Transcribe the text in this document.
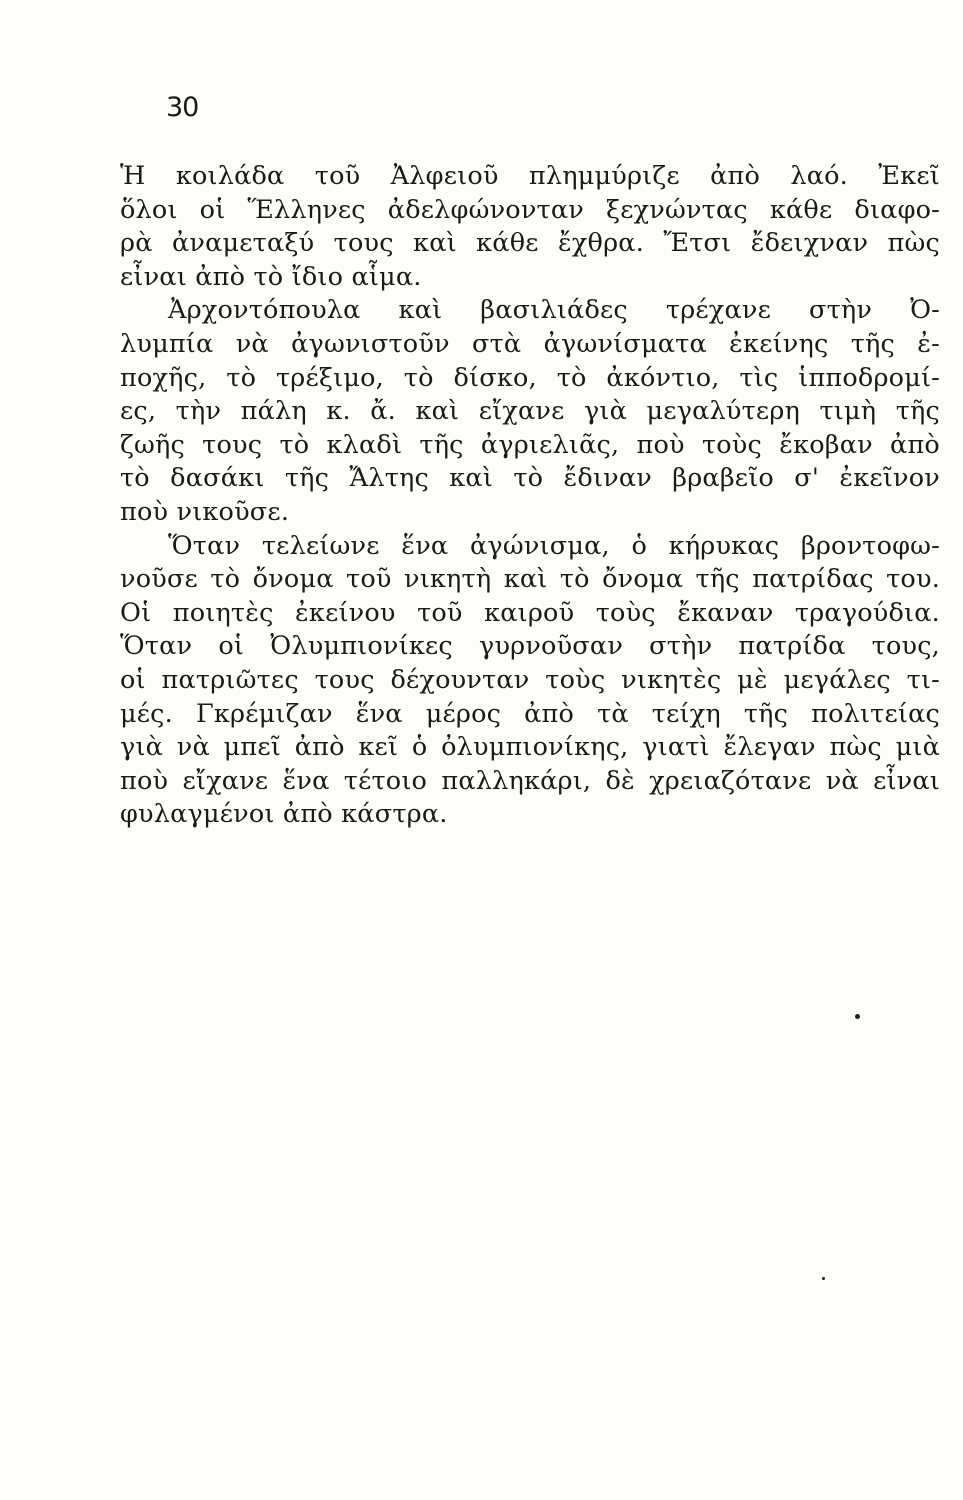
30
Ἡ κοιλάδα τοῦ Ἀλφειοῦ πλημμύριζε ἀπὸ λαό. Ἐκεῖ
ὅλοι οἱ Ἕλληνες ἀδελφώνονταν ξεχνώντας κάθε διαφο-
ρὰ ἀναμεταξύ τους καὶ κάθε ἔχθρα. Ἔτσι ἔδειχναν πὼς
εἶναι ἀπὸ τὸ ἴδιο αἷμα.
Ἀρχοντόπουλα καὶ βασιλιάδες τρέχανε στὴν Ὀ-
λυμπία νὰ ἀγωνιστοῦν στὰ ἀγωνίσματα ἐκείνης τῆς ἐ-
ποχῆς, τὸ τρέξιμο, τὸ δίσκο, τὸ ἀκόντιο, τὶς ἱπποδρομί-
ες, τὴν πάλη κ. ἄ. καὶ εἴχανε γιὰ μεγαλύτερη τιμὴ τῆς
ζωῆς τους τὸ κλαδὶ τῆς ἀγριελιᾶς, ποὺ τοὺς ἔκοβαν ἀπὸ
τὸ δασάκι τῆς Ἄλτης καὶ τὸ ἔδιναν βραβεῖο σ' ἐκεῖνον
ποὺ νικοῦσε.
Ὅταν τελείωνε ἕνα ἀγώνισμα, ὁ κήρυκας βροντοφω-
νοῦσε τὸ ὄνομα τοῦ νικητὴ καὶ τὸ ὄνομα τῆς πατρίδας του.
Οἱ ποιητὲς ἐκείνου τοῦ καιροῦ τοὺς ἔκαναν τραγούδια.
Ὅταν οἱ Ὀλυμπιονίκες γυρνοῦσαν στὴν πατρίδα τους,
οἱ πατριῶτες τους δέχουνταν τοὺς νικητὲς μὲ μεγάλες τι-
μές. Γκρέμιζαν ἕνα μέρος ἀπὸ τὰ τείχη τῆς πολιτείας
γιὰ νὰ μπεῖ ἀπὸ κεῖ ὁ ὀλυμπιονίκης, γιατὶ ἔλεγαν πὼς μιὰ
ποὺ εἴχανε ἕνα τέτοιο παλληκάρι, δὲ χρειαζότανε νὰ εἶναι
φυλαγμένοι ἀπὸ κάστρα.
